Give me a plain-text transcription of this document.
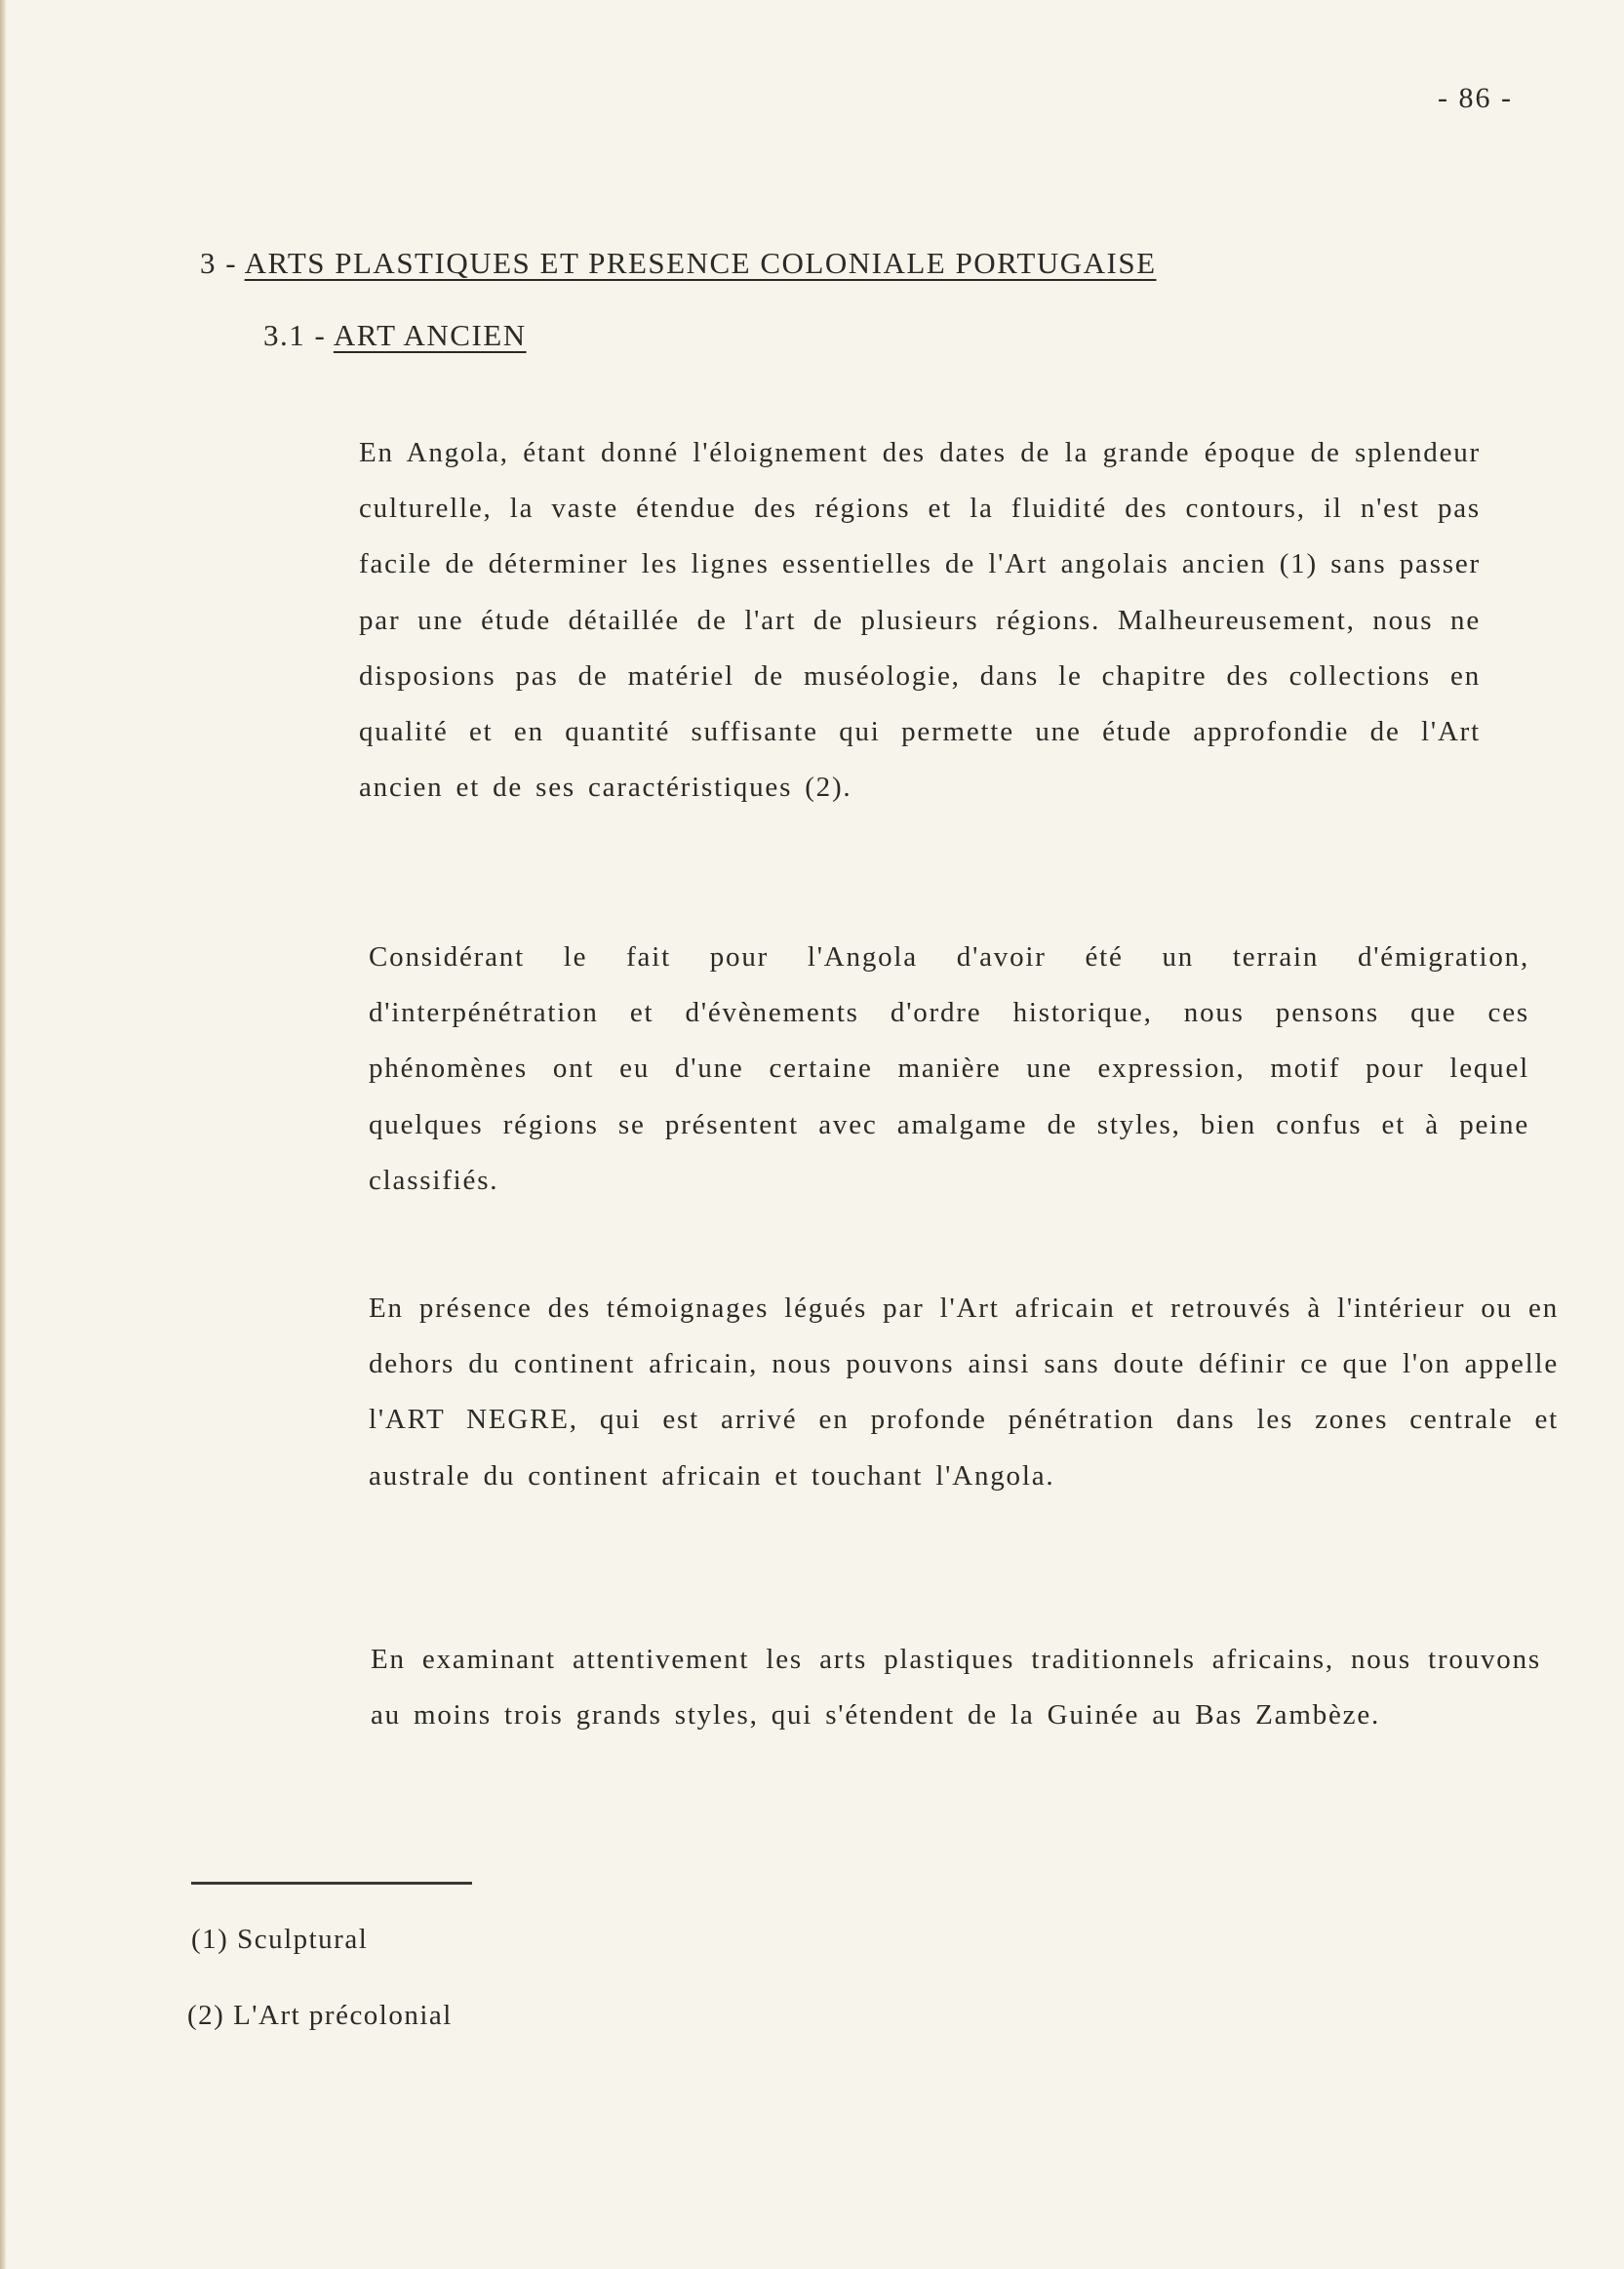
- 86 -
3 - ARTS PLASTIQUES ET PRESENCE COLONIALE PORTUGAISE
3.1 - ART ANCIEN

En Angola, étant donné l'éloignement des dates de la grande époque de splendeur culturelle, la vaste étendue des régions et la fluidité des contours, il n'est pas facile de déterminer les lignes essentielles de l'Art angolais ancien (1) sans passer par une étude détaillée de l'art de plusieurs régions. Malheureusement, nous ne disposions pas de matériel de muséologie, dans le chapitre des collections en qualité et en quantité suffisante qui permette une étude approfondie de l'Art ancien et de ses caractéristiques (2).

Considérant le fait pour l'Angola d'avoir été un terrain d'émigration, d'interpénétration et d'évènements d'ordre historique, nous pensons que ces phénomènes ont eu d'une certaine manière une expression, motif pour lequel quelques régions se présentent avec amalgame de styles, bien confus et à peine classifiés.

En présence des témoignages légués par l'Art africain et retrouvés à l'intérieur ou en dehors du continent africain, nous pouvons ainsi sans doute définir ce que l'on appelle l'ART NEGRE, qui est arrivé en profonde pénétration dans les zones centrale et australe du continent africain et touchant l'Angola.

En examinant attentivement les arts plastiques traditionnels africains, nous trouvons au moins trois grands styles, qui s'étendent de la Guinée au Bas Zambèze.

(1) Sculptural
(2) L'Art précolonial
